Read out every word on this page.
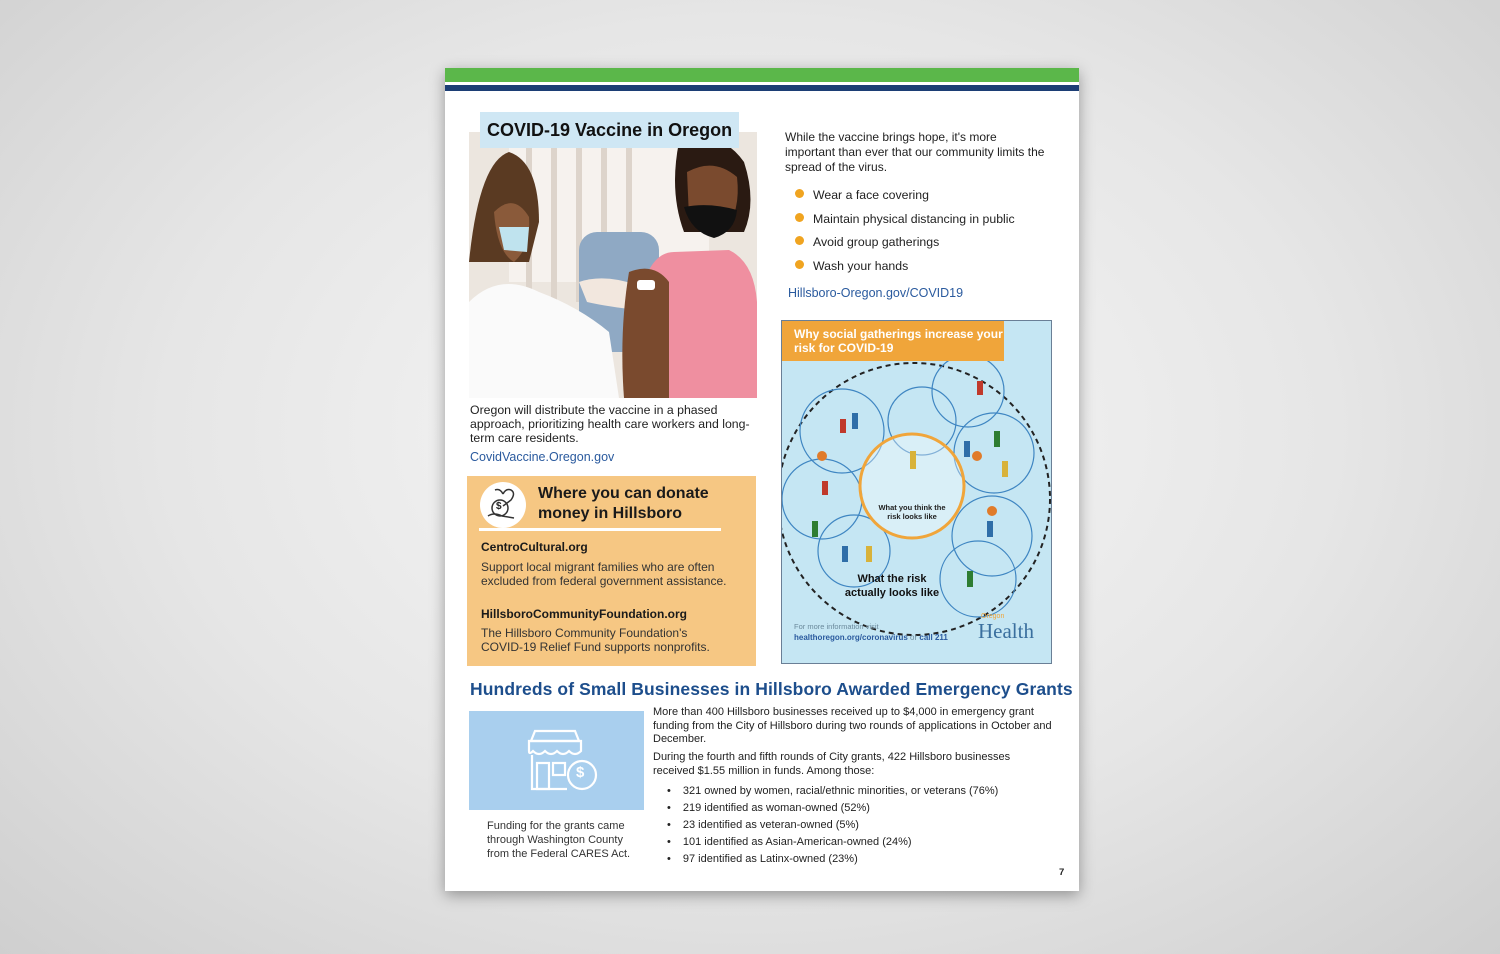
COVID-19 Vaccine in Oregon
Oregon will distribute the vaccine in a phased approach, prioritizing health care workers and long-term care residents.
CovidVaccine.Oregon.gov
While the vaccine brings hope, it's more important than ever that our community limits the spread of the virus.
Wear a face covering
Maintain physical distancing in public
Avoid group gatherings
Wash your hands
Hillsboro-Oregon.gov/COVID19
Why social gatherings increase your risk for COVID-19
What you think the risk looks like
What the risk actually looks like
For more information visit
healthoregon.org/coronavirus or call 211
Oregon
Health
$
Where you can donate money in Hillsboro
CentroCultural.org
Support local migrant families who are often excluded from federal government assistance.
HillsboroCommunityFoundation.org
The Hillsboro Community Foundation's COVID-19 Relief Fund supports nonprofits.
Hundreds of Small Businesses in Hillsboro Awarded Emergency Grants
$
Funding for the grants came through Washington County from the Federal CARES Act.
More than 400 Hillsboro businesses received up to $4,000 in emergency grant funding from the City of Hillsboro during two rounds of applications in October and December.
During the fourth and fifth rounds of City grants, 422 Hillsboro businesses received $1.55 million in funds. Among those:
• 321 owned by women, racial/ethnic minorities, or veterans (76%)
• 219 identified as woman-owned (52%)
• 23 identified as veteran-owned (5%)
• 101 identified as Asian-American-owned (24%)
• 97 identified as Latinx-owned (23%)
7
